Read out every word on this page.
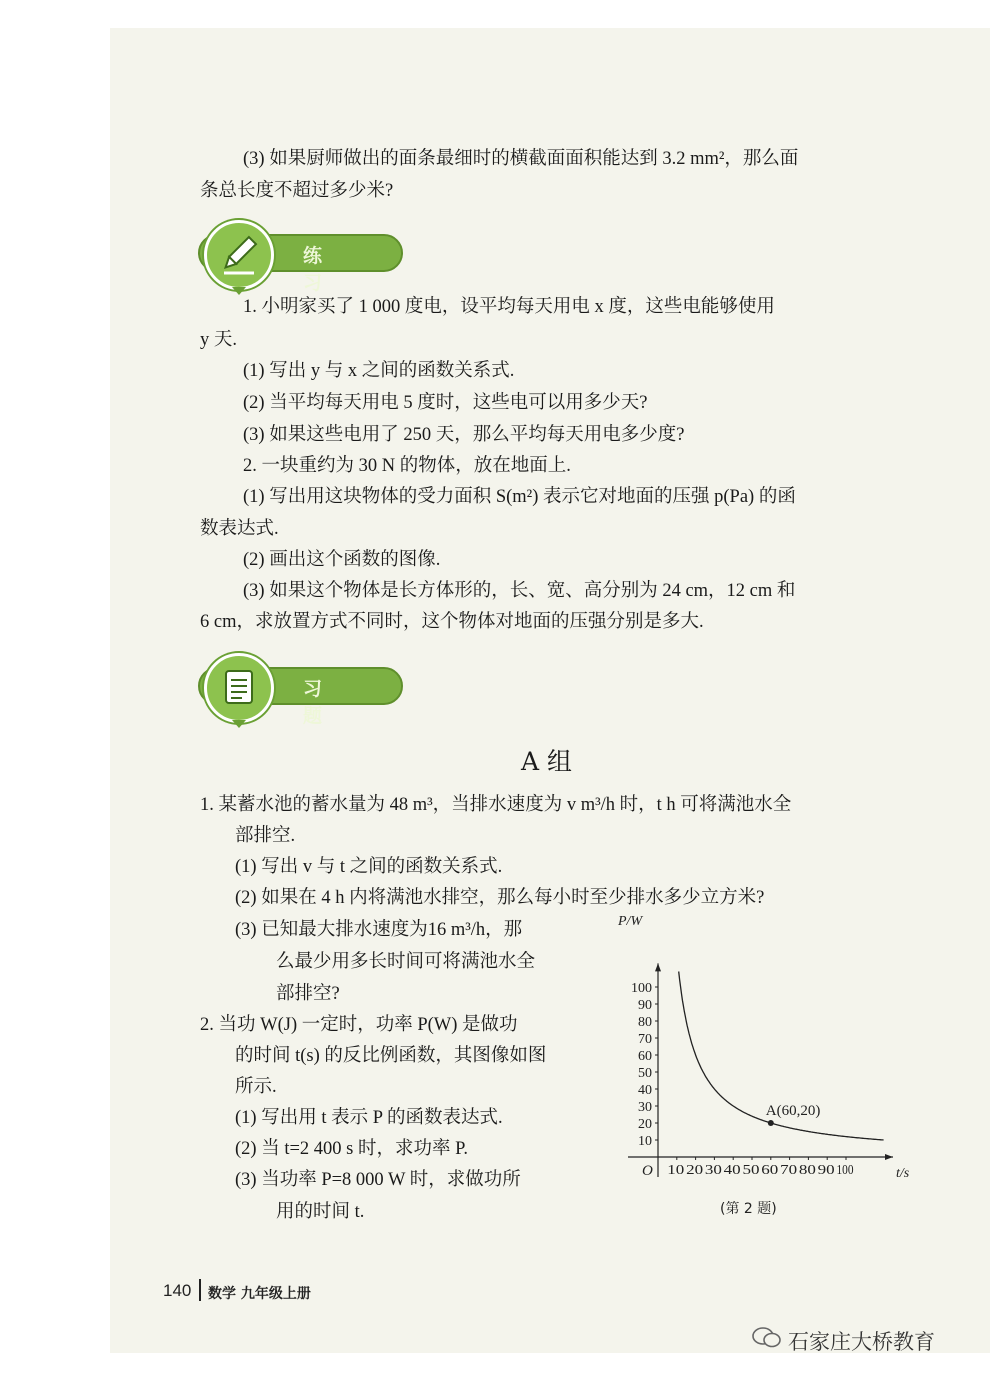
(3) 如果厨师做出的面条最细时的横截面面积能达到 3.2 mm²，那么面
条总长度不超过多少米?
练习
1. 小明家买了 1 000 度电，设平均每天用电 x 度，这些电能够使用
y 天.
(1) 写出 y 与 x 之间的函数关系式.
(2) 当平均每天用电 5 度时，这些电可以用多少天?
(3) 如果这些电用了 250 天，那么平均每天用电多少度?
2. 一块重约为 30 N 的物体，放在地面上.
(1) 写出用这块物体的受力面积 S(m²) 表示它对地面的压强 p(Pa) 的函
数表达式.
(2) 画出这个函数的图像.
(3) 如果这个物体是长方体形的，长、宽、高分别为 24 cm，12 cm 和
6 cm，求放置方式不同时，这个物体对地面的压强分别是多大.
习题
A 组
1. 某蓄水池的蓄水量为 48 m³，当排水速度为 v m³/h 时，t h 可将满池水全
部排空.
(1) 写出 v 与 t 之间的函数关系式.
(2) 如果在 4 h 内将满池水排空，那么每小时至少排水多少立方米?
(3) 已知最大排水速度为16 m³/h，那
么最少用多长时间可将满池水全
部排空?
2. 当功 W(J) 一定时，功率 P(W) 是做功
的时间 t(s) 的反比例函数，其图像如图
所示.
(1) 写出用 t 表示 P 的函数表达式.
(2) 当 t=2 400 s 时，求功率 P.
(3) 当功率 P=8 000 W 时，求做功所
用的时间 t.
10
20
30
40
50
60
70
80
90
100
10 20 30 40 50 60 70 80 90 100
A(60,20)
P/W
t/s
O
(第 2 题)
140 数学 九年级上册
石家庄大桥教育
